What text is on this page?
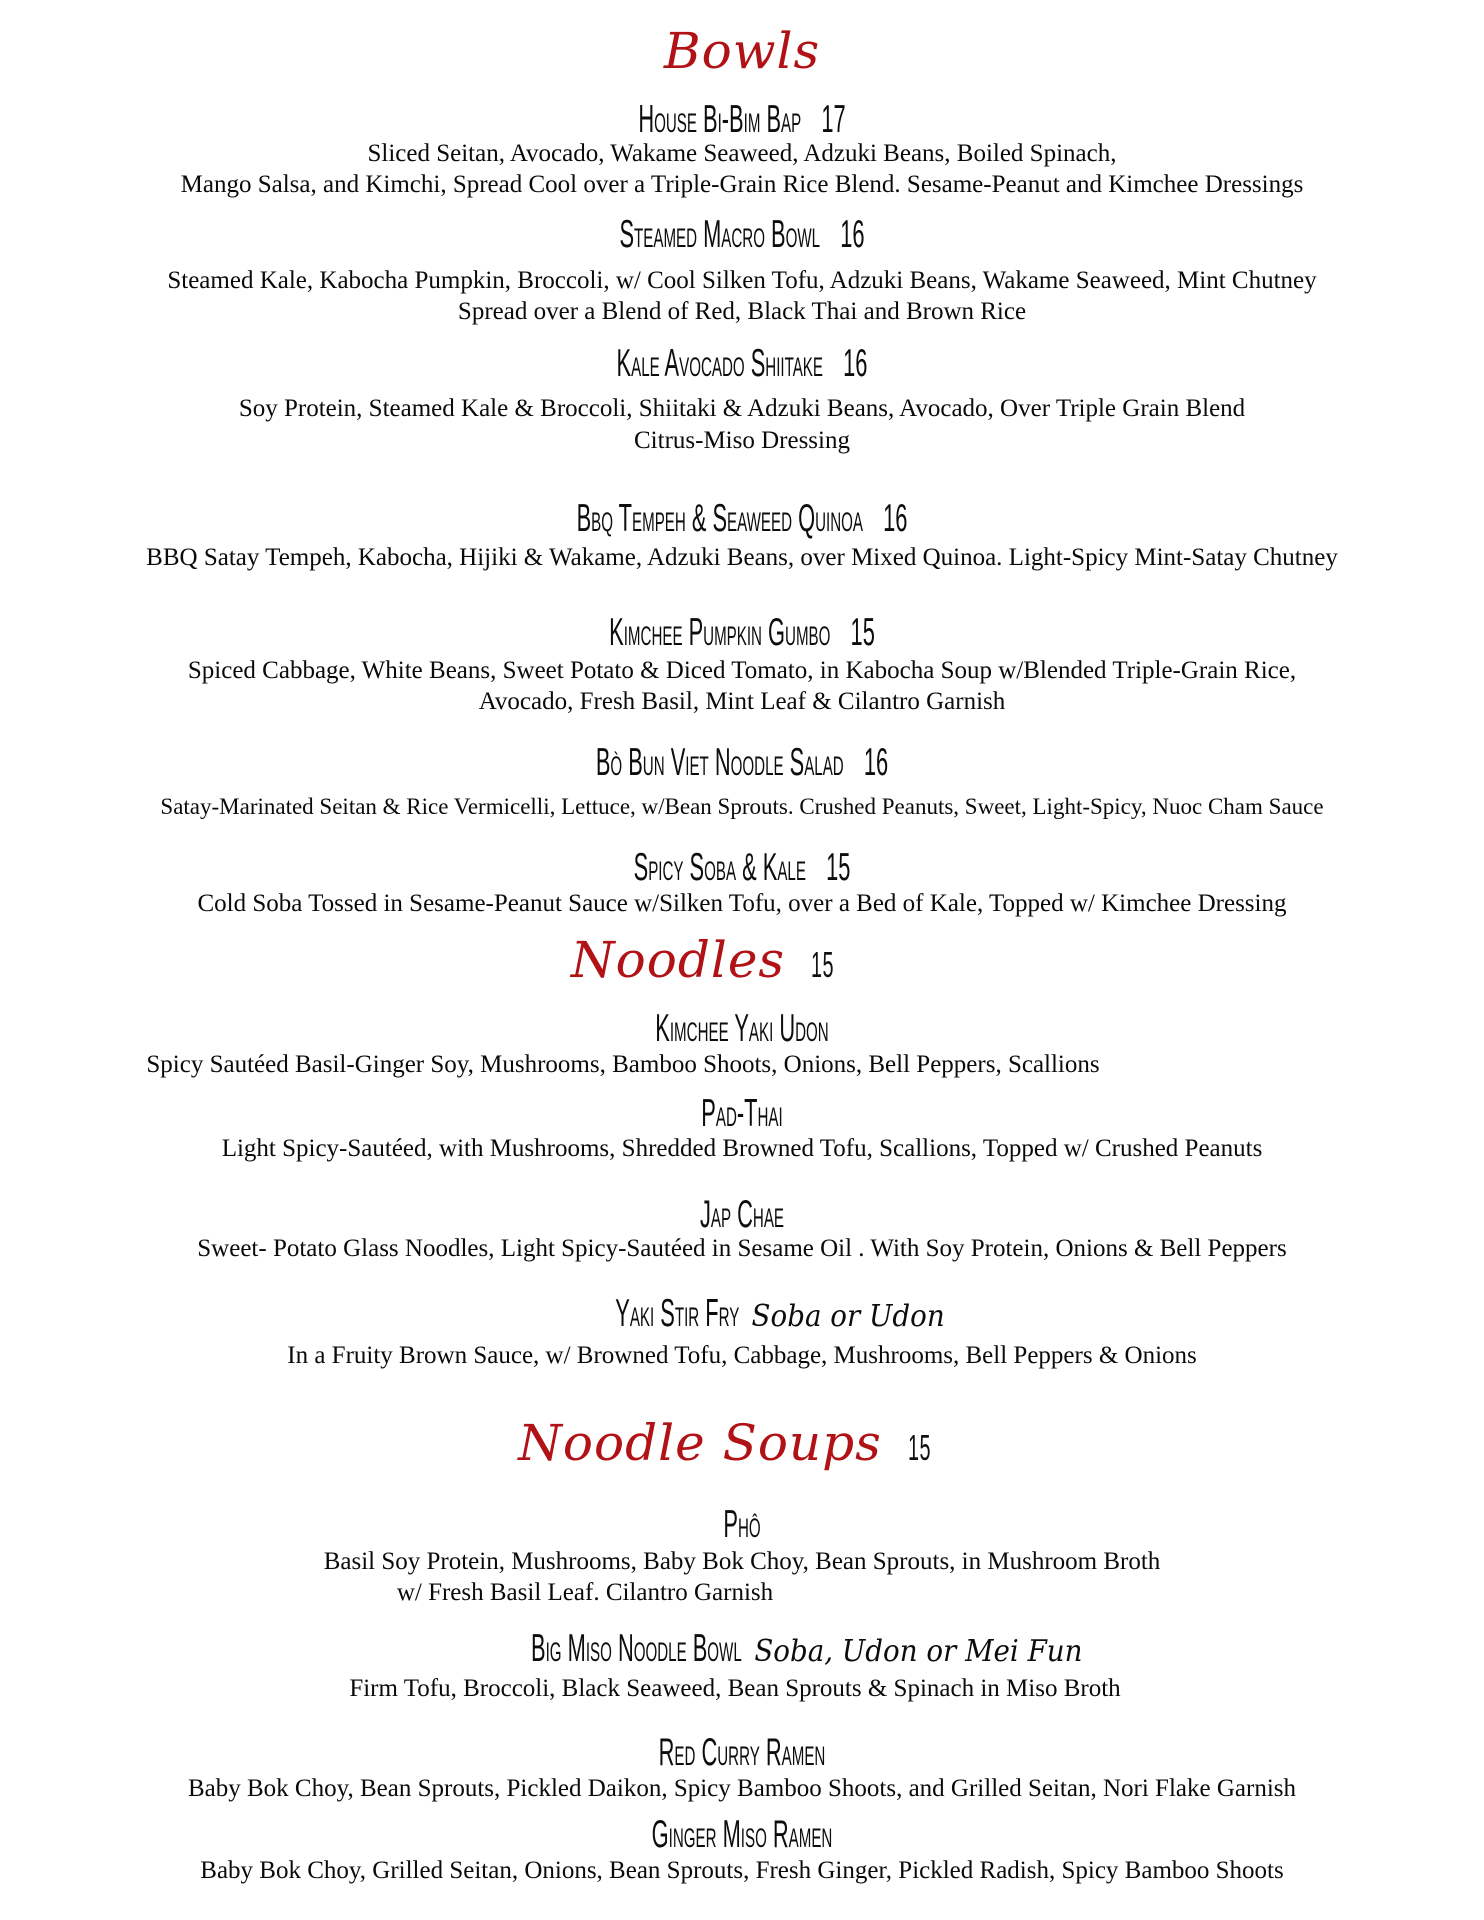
Bowls
House Bi-Bim Bap 17
Sliced Seitan, Avocado, Wakame Seaweed, Adzuki Beans, Boiled Spinach,
Mango Salsa, and Kimchi, Spread Cool over a Triple-Grain Rice Blend. Sesame-Peanut and Kimchee Dressings
Steamed Macro Bowl 16
Steamed Kale, Kabocha Pumpkin, Broccoli, w/ Cool Silken Tofu, Adzuki Beans, Wakame Seaweed, Mint Chutney
Spread over a Blend of Red, Black Thai and Brown Rice
Kale Avocado Shiitake 16
Soy Protein, Steamed Kale & Broccoli, Shiitaki & Adzuki Beans, Avocado, Over Triple Grain Blend
Citrus-Miso Dressing
Bbq Tempeh & Seaweed Quinoa 16
BBQ Satay Tempeh, Kabocha, Hijiki & Wakame, Adzuki Beans, over Mixed Quinoa. Light-Spicy Mint-Satay Chutney
Kimchee Pumpkin Gumbo 15
Spiced Cabbage, White Beans, Sweet Potato & Diced Tomato, in Kabocha Soup w/Blended Triple-Grain Rice,
Avocado, Fresh Basil, Mint Leaf & Cilantro Garnish
Bò Bun Viet Noodle Salad 16
Satay-Marinated Seitan & Rice Vermicelli, Lettuce, w/Bean Sprouts. Crushed Peanuts, Sweet, Light-Spicy, Nuoc Cham Sauce
Spicy Soba & Kale 15
Cold Soba Tossed in Sesame-Peanut Sauce w/Silken Tofu, over a Bed of Kale, Topped w/ Kimchee Dressing
Noodles 15
Kimchee Yaki Udon
Spicy Sautéed Basil-Ginger Soy, Mushrooms, Bamboo Shoots, Onions, Bell Peppers, Scallions
Pad-Thai
Light Spicy-Sautéed, with Mushrooms, Shredded Browned Tofu, Scallions, Topped w/ Crushed Peanuts
Jap Chae
Sweet- Potato Glass Noodles, Light Spicy-Sautéed in Sesame Oil . With Soy Protein, Onions & Bell Peppers
Yaki Stir Fry Soba or Udon
In a Fruity Brown Sauce, w/ Browned Tofu, Cabbage, Mushrooms, Bell Peppers & Onions
Noodle Soups 15
Phô
Basil Soy Protein, Mushrooms, Baby Bok Choy, Bean Sprouts, in Mushroom Broth
w/ Fresh Basil Leaf. Cilantro Garnish
Big Miso Noodle Bowl Soba, Udon or Mei Fun
Firm Tofu, Broccoli, Black Seaweed, Bean Sprouts & Spinach in Miso Broth
Red Curry Ramen
Baby Bok Choy, Bean Sprouts, Pickled Daikon, Spicy Bamboo Shoots, and Grilled Seitan, Nori Flake Garnish
Ginger Miso Ramen
Baby Bok Choy, Grilled Seitan, Onions, Bean Sprouts, Fresh Ginger, Pickled Radish, Spicy Bamboo Shoots
